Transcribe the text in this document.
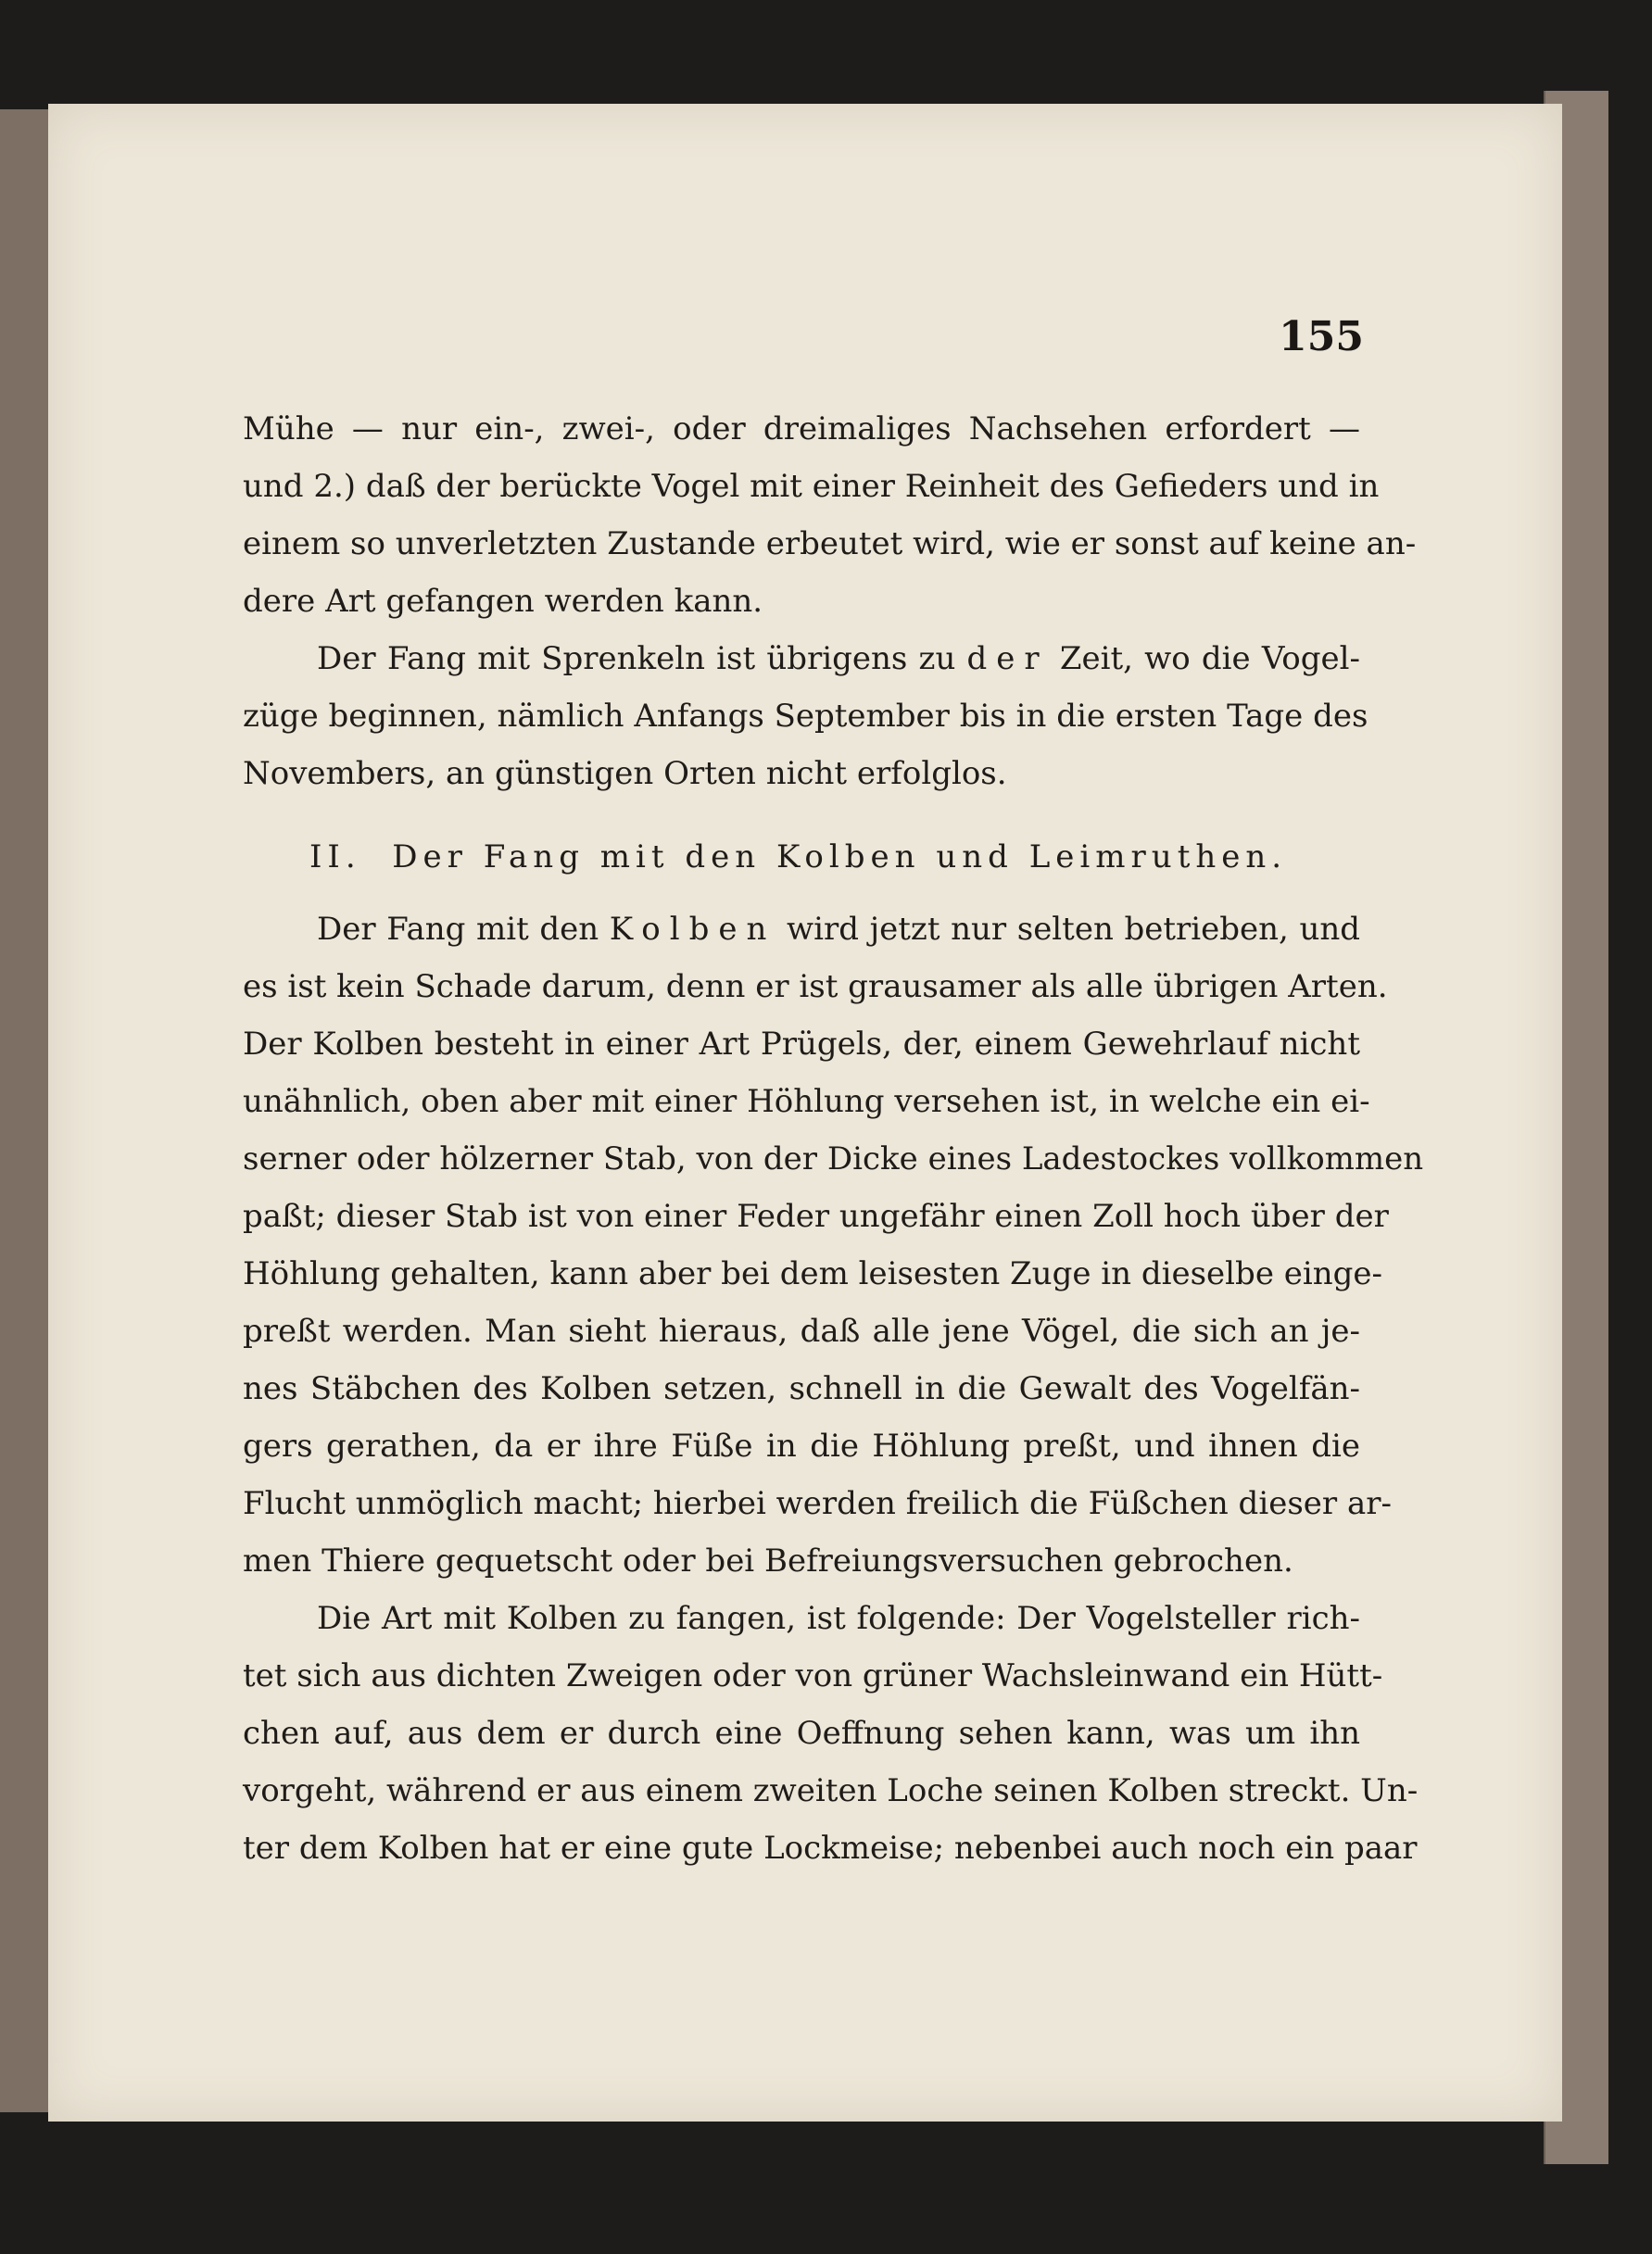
155
Mühe — nur ein-, zwei-, oder dreimaliges Nachsehen erfordert —
und 2.) daß der berückte Vogel mit einer Reinheit des Gefieders und in
einem so unverletzten Zustande erbeutet wird, wie er sonst auf keine an-
dere Art gefangen werden kann.
Der Fang mit Sprenkeln ist übrigens zu der Zeit, wo die Vogel-
züge beginnen, nämlich Anfangs September bis in die ersten Tage des
Novembers, an günstigen Orten nicht erfolglos.
II. Der Fang mit den Kolben und Leimruthen.
Der Fang mit den Kolben wird jetzt nur selten betrieben, und
es ist kein Schade darum, denn er ist grausamer als alle übrigen Arten.
Der Kolben besteht in einer Art Prügels, der, einem Gewehrlauf nicht
unähnlich, oben aber mit einer Höhlung versehen ist, in welche ein ei-
serner oder hölzerner Stab, von der Dicke eines Ladestockes vollkommen
paßt; dieser Stab ist von einer Feder ungefähr einen Zoll hoch über der
Höhlung gehalten, kann aber bei dem leisesten Zuge in dieselbe einge-
preßt werden. Man sieht hieraus, daß alle jene Vögel, die sich an je-
nes Stäbchen des Kolben setzen, schnell in die Gewalt des Vogelfän-
gers gerathen, da er ihre Füße in die Höhlung preßt, und ihnen die
Flucht unmöglich macht; hierbei werden freilich die Füßchen dieser ar-
men Thiere gequetscht oder bei Befreiungsversuchen gebrochen.
Die Art mit Kolben zu fangen, ist folgende: Der Vogelsteller rich-
tet sich aus dichten Zweigen oder von grüner Wachsleinwand ein Hütt-
chen auf, aus dem er durch eine Oeffnung sehen kann, was um ihn
vorgeht, während er aus einem zweiten Loche seinen Kolben streckt. Un-
ter dem Kolben hat er eine gute Lockmeise; nebenbei auch noch ein paar
